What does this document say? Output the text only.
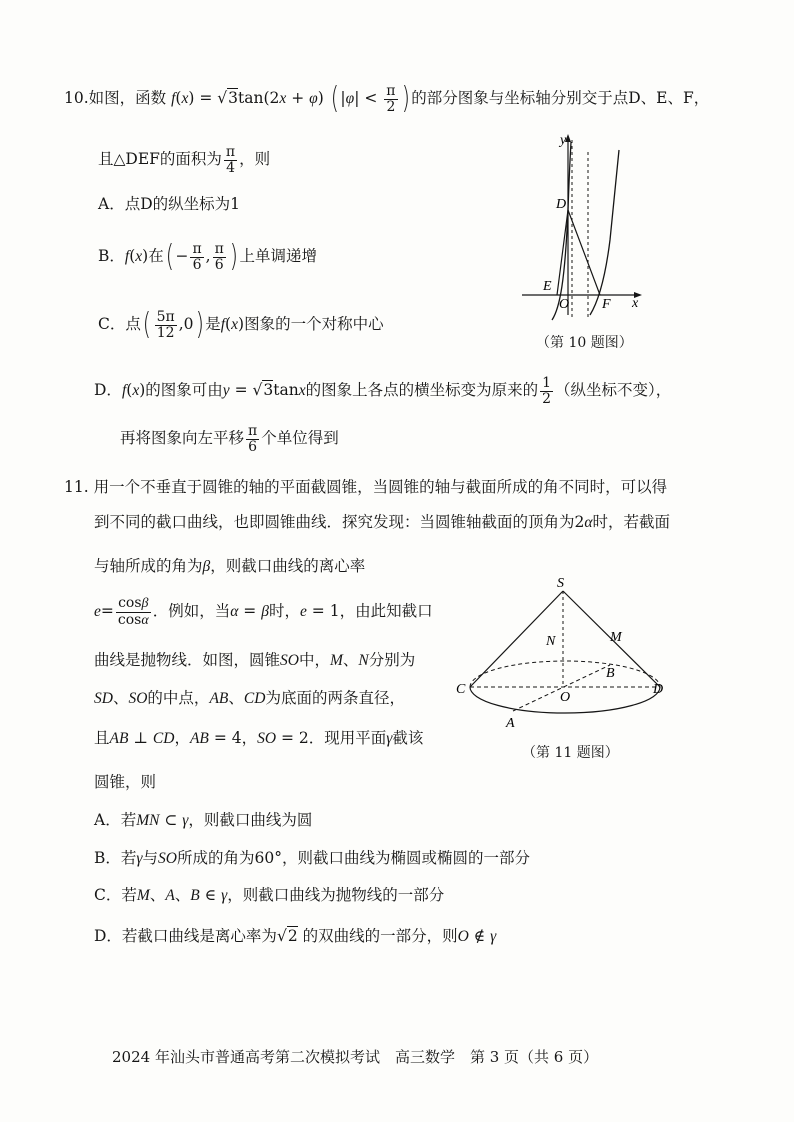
10.如图，函数 f(x) = √3tan(2x + φ) ( $|\varphi| < \frac{\pi}{2}$ ) 的部分图象与坐标轴分别交于点D、E、F，
且△DEF的面积为 $\frac{\pi}{4}$ ，则
A．点D的纵坐标为1
B．f(x)在( − $\frac{\pi}{6}$ , $\frac{\pi}{6}$ ) 上单调递增
C．点( $\frac{5\pi}{12} ,0$) 是f(x)图象的一个对称中心
D．f(x)的图象可由y = √3tanx的图象上各点的横坐标变为原来的 $\frac{1}{2}$ （纵坐标不变），
再将图象向左平移 $\frac{\pi}{6}$ 个单位得到
y
x
D
E
O F
（第 10 题图）
11. 用一个不垂直于圆锥的轴的平面截圆锥，当圆锥的轴与截面所成的角不同时，可以得
到不同的截口曲线，也即圆锥曲线．探究发现：当圆锥轴截面的顶角为2α时，若截面
与轴所成的角为β，则截口曲线的离心率
$e= \frac{\cos\beta}{\cos\alpha}$ ．例如，当α = β时，e = 1，由此知截口
曲线是抛物线．如图，圆锥SO中，M、N分别为
SD、SO的中点，AB、CD为底面的两条直径，
且AB ⊥ CD，AB = 4，SO = 2．现用平面γ截该
圆锥，则
A．若MN ⊂ γ，则截口曲线为圆
B．若γ与SO所成的角为60°，则截口曲线为椭圆或椭圆的一部分
C．若M、A、B ∈ γ，则截口曲线为抛物线的一部分
D．若截口曲线是离心率为√2 的双曲线的一部分，则O ∉ γ
S
M
N
B
C
O
D
A
（第 11 题图）
2024 年汕头市普通高考第二次模拟考试　高三数学　第 3 页（共 6 页）
